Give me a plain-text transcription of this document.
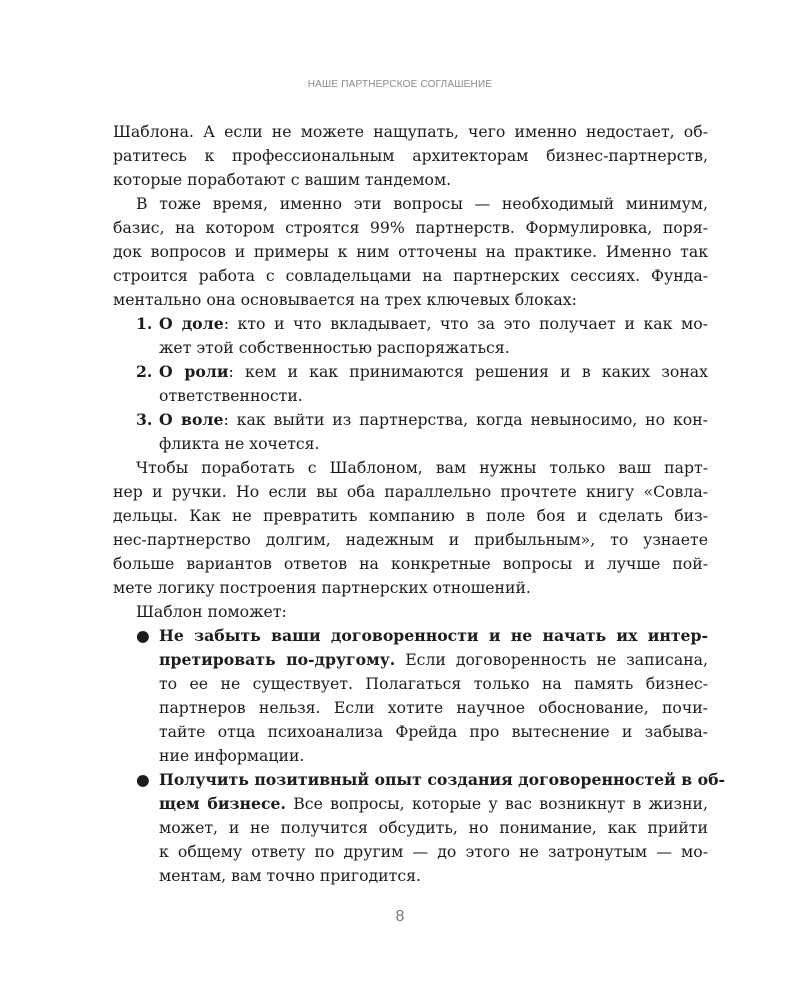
НАШЕ ПАРТНЕРСКОЕ СОГЛАШЕНИЕ
Шаблона. А если не можете нащупать, чего именно недостает, об-
ратитесь к профессиональным архитекторам бизнес-партнерств,
которые поработают с вашим тандемом.
В тоже время, именно эти вопросы — необходимый минимум,
базис, на котором строятся 99% партнерств. Формулировка, поря-
док вопросов и примеры к ним отточены на практике. Именно так
строится работа с совладельцами на партнерских сессиях. Фунда-
ментально она основывается на трех ключевых блоках:
1. О доле: кто и что вкладывает, что за это получает и как мо-
жет этой собственностью распоряжаться.
2. О роли: кем и как принимаются решения и в каких зонах
ответственности.
3. О воле: как выйти из партнерства, когда невыносимо, но кон-
фликта не хочется.
Чтобы поработать с Шаблоном, вам нужны только ваш парт-
нер и ручки. Но если вы оба параллельно прочтете книгу «Совла-
дельцы. Как не превратить компанию в поле боя и сделать биз-
нес-партнерство долгим, надежным и прибыльным», то узнаете
больше вариантов ответов на конкретные вопросы и лучше пой-
мете логику построения партнерских отношений.
Шаблон поможет:
● Не забыть ваши договоренности и не начать их интер-
претировать по-другому. Если договоренность не записана,
то ее не существует. Полагаться только на память бизнес-
партнеров нельзя. Если хотите научное обоснование, почи-
тайте отца психоанализа Фрейда про вытеснение и забыва-
ние информации.
● Получить позитивный опыт создания договоренностей в об-
щем бизнесе. Все вопросы, которые у вас возникнут в жизни,
может, и не получится обсудить, но понимание, как прийти
к общему ответу по другим — до этого не затронутым — мо-
ментам, вам точно пригодится.
8
